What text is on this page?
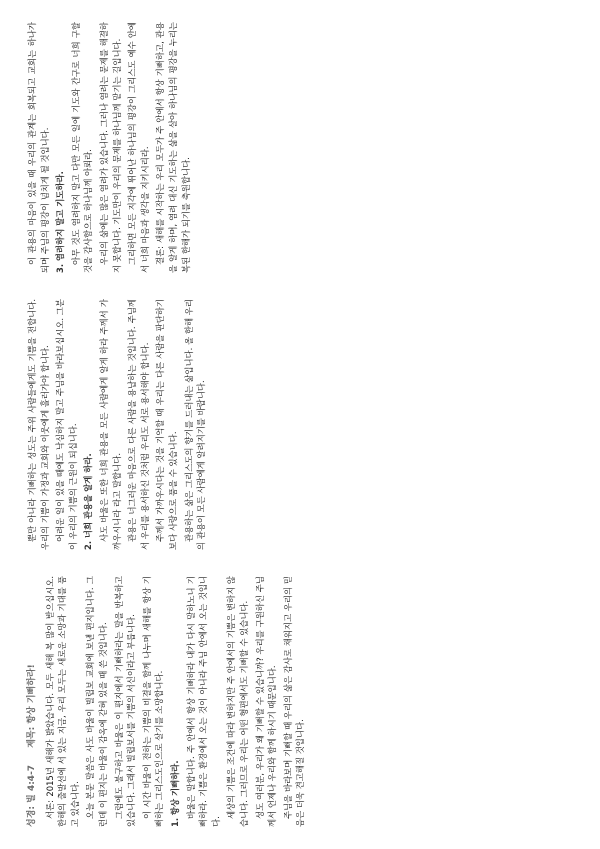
성경: 빌 4:4-7 제목: 항상 기뻐하라! 서론: 2015년 새해가 밝았습니다. 모두 새해 복 많이 받으십시오. 한해의 출발선에 서 있는 지금, 우리 모두는 새로운 소망과 기대를 품고 있습니다. 오늘 본문 말씀은 사도 바울이 빌립보 교회에 보낸 편지입니다. 그런데 이 편지는 바울이 감옥에 갇혀 있을 때 쓴 것입니다. 그럼에도 불구하고 바울은 이 편지에서 기뻐하라는 말을 반복하고 있습니다. 그래서 빌립보서를 기쁨의 서신이라고 부릅니다. 이 시간 바울이 전하는 기쁨의 비결을 함께 나누며 새해를 항상 기뻐하는 그리스도인으로 살기를 소망합니다. 1. 항상 기뻐하라. 바울은 말합니다. 주 안에서 항상 기뻐하라 내가 다시 말하노니 기뻐하라. 기쁨은 환경에서 오는 것이 아니라 주님 안에서 오는 것입니다.

세상의 기쁨은 조건에 따라 변하지만 주 안에서의 기쁨은 변하지 않습니다. 그러므로 우리는 어떤 형편에서도 기뻐할 수 있습니다. 성도 여러분, 우리가 왜 기뻐할 수 있습니까? 우리를 구원하신 주님께서 언제나 우리와 함께 하시기 때문입니다. 주님을 바라보며 기뻐할 때 우리의 삶은 감사로 채워지고 우리의 믿음은 더욱 견고해질 것입니다.

뿐만 아니라 기뻐하는 성도는 주위 사람들에게도 기쁨을 전합니다. 우리의 기쁨이 가정과 교회와 이웃에게 흘러가야 합니다. 어려운 일이 있을 때에도 낙심하지 말고 주님을 바라보십시오. 그분이 우리의 기쁨의 근원이 되십니다. 2. 너희 관용을 알게 하라. 사도 바울은 또한 너희 관용을 모든 사람에게 알게 하라 주께서 가까우시니라 라고 말합니다. 관용은 너그러운 마음으로 다른 사람을 용납하는 것입니다. 주님께서 우리를 용서하신 것처럼 우리도 서로 용서해야 합니다. 주께서 가까우시다는 것을 기억할 때 우리는 다른 사람을 판단하기보다 사랑으로 품을 수 있습니다. 관용하는 삶은 그리스도의 향기를 드러내는 삶입니다. 올 한해 우리의 관용이 모든 사람에게 알려지기를 바랍니다.

이 관용의 마음이 있을 때 우리의 관계는 회복되고 교회는 하나가 되며 주님의 평강이 넘치게 될 것입니다. 3. 염려하지 말고 기도하라. 아무 것도 염려하지 말고 다만 모든 일에 기도와 간구로 너희 구할 것을 감사함으로 하나님께 아뢰라. 우리의 삶에는 많은 염려가 있습니다. 그러나 염려는 문제를 해결하지 못합니다. 기도만이 우리의 문제를 하나님께 맡기는 길입니다. 그리하면 모든 지각에 뛰어난 하나님의 평강이 그리스도 예수 안에서 너희 마음과 생각을 지키시리라. 결론: 새해를 시작하는 우리 모두가 주 안에서 항상 기뻐하고, 관용을 알게 하며, 염려 대신 기도하는 삶을 살아 하나님의 평강을 누리는 복된 한해가 되기를 축원합니다.
